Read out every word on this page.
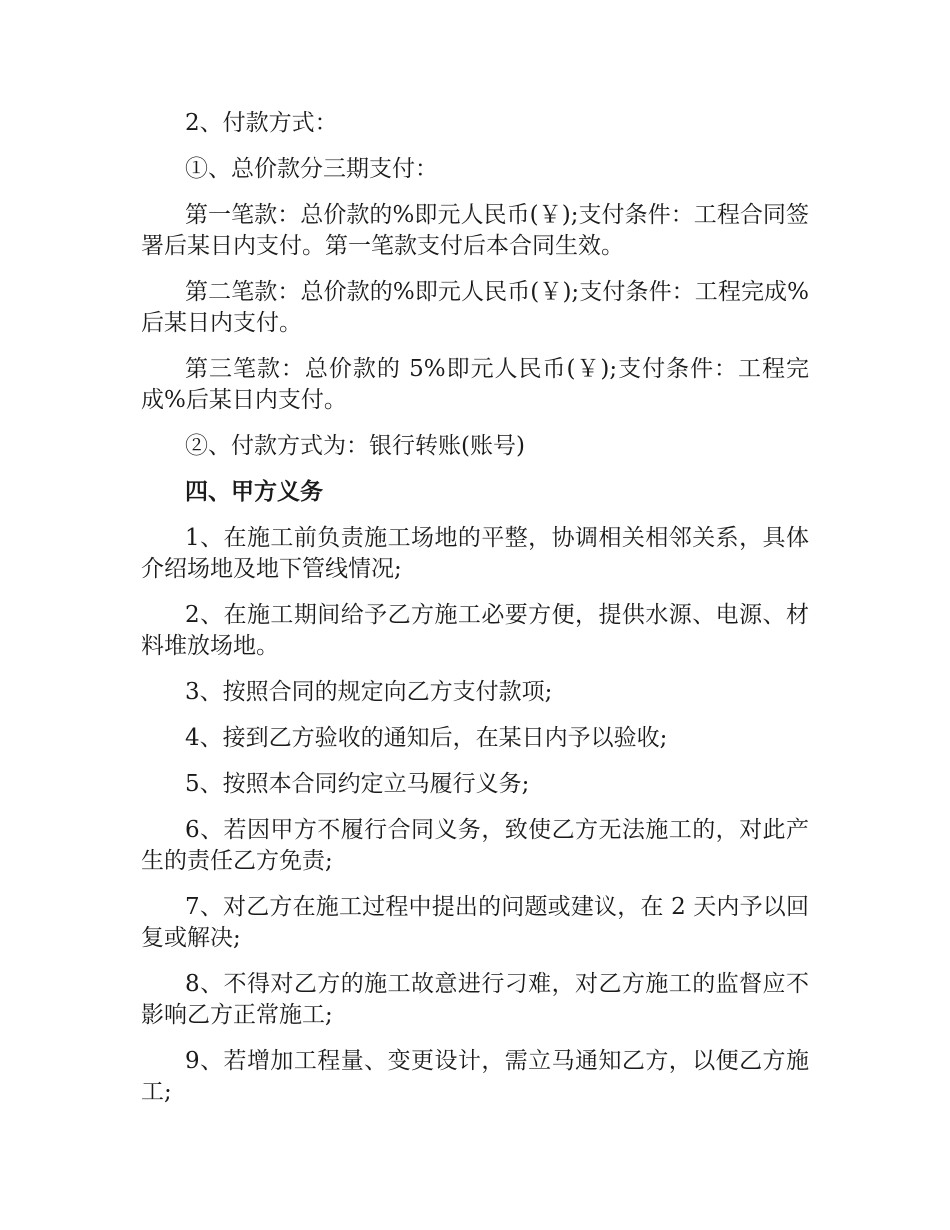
2、付款方式：

①、总价款分三期支付：

第一笔款：总价款的%即元人民币(￥);支付条件：工程合同签署后某日内支付。第一笔款支付后本合同生效。

第二笔款：总价款的%即元人民币(￥);支付条件：工程完成%后某日内支付。

第三笔款：总价款的 5%即元人民币(￥);支付条件：工程完成%后某日内支付。

②、付款方式为：银行转账(账号)

四、甲方义务

1、在施工前负责施工场地的平整，协调相关相邻关系，具体介绍场地及地下管线情况;

2、在施工期间给予乙方施工必要方便，提供水源、电源、材料堆放场地。

3、按照合同的规定向乙方支付款项;

4、接到乙方验收的通知后，在某日内予以验收;

5、按照本合同约定立马履行义务;

6、若因甲方不履行合同义务，致使乙方无法施工的，对此产生的责任乙方免责;

7、对乙方在施工过程中提出的问题或建议，在 2 天内予以回复或解决;

8、不得对乙方的施工故意进行刁难，对乙方施工的监督应不影响乙方正常施工;

9、若增加工程量、变更设计，需立马通知乙方，以便乙方施工;
